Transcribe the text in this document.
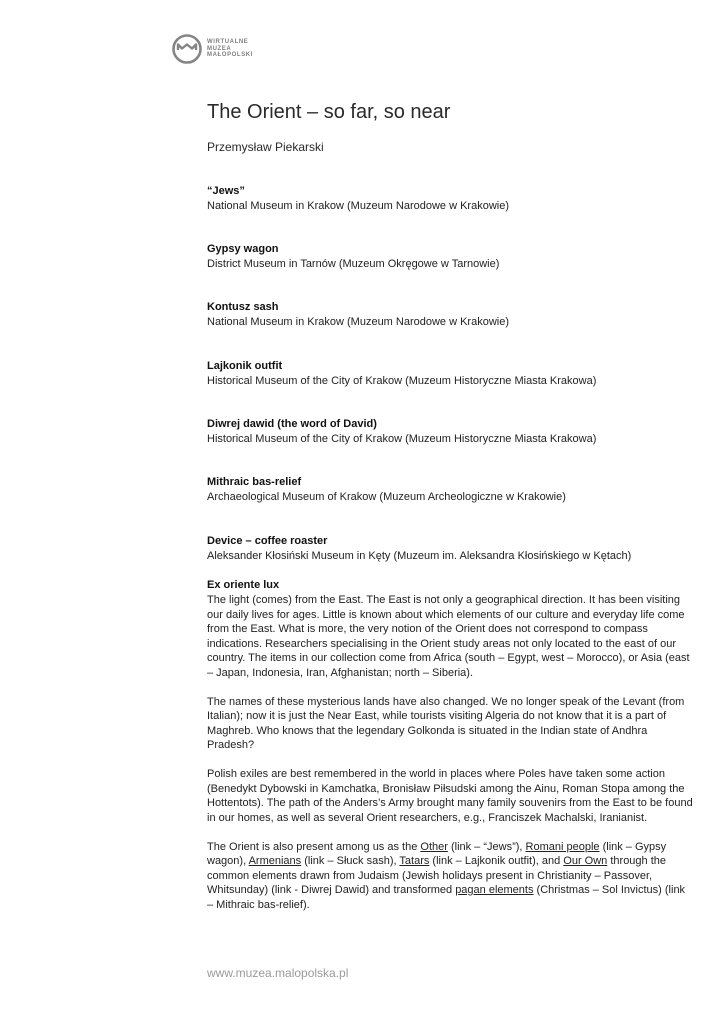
WIRTUALNE
MUZEA
MAŁOPOLSKI
The Orient – so far, so near
Przemysław Piekarski
“Jews”
National Museum in Krakow (Muzeum Narodowe w Krakowie)
Gypsy wagon
District Museum in Tarnów (Muzeum Okręgowe w Tarnowie)
Kontusz sash
National Museum in Krakow (Muzeum Narodowe w Krakowie)
Lajkonik outfit
Historical Museum of the City of Krakow (Muzeum Historyczne Miasta Krakowa)
Diwrej dawid (the word of David)
Historical Museum of the City of Krakow (Muzeum Historyczne Miasta Krakowa)
Mithraic bas-relief
Archaeological Museum of Krakow (Muzeum Archeologiczne w Krakowie)
Device – coffee roaster
Aleksander Kłosiński Museum in Kęty (Muzeum im. Aleksandra Kłosińskiego w Kętach)
Ex oriente lux

The light (comes) from the East. The East is not only a geographical direction. It has been visiting our daily lives for ages. Little is known about which elements of our culture and everyday life come from the East. What is more, the very notion of the Orient does not correspond to compass indications. Researchers specialising in the Orient study areas not only located to the east of our country. The items in our collection come from Africa (south – Egypt, west – Morocco), or Asia (east – Japan, Indonesia, Iran, Afghanistan; north – Siberia).

The names of these mysterious lands have also changed. We no longer speak of the Levant (from Italian); now it is just the Near East, while tourists visiting Algeria do not know that it is a part of Maghreb. Who knows that the legendary Golkonda is situated in the Indian state of Andhra Pradesh?

Polish exiles are best remembered in the world in places where Poles have taken some action (Benedykt Dybowski in Kamchatka, Bronisław Piłsudski among the Ainu, Roman Stopa among the Hottentots). The path of the Anders’s Army brought many family souvenirs from the East to be found in our homes, as well as several Orient researchers, e.g., Franciszek Machalski, Iranianist.

The Orient is also present among us as the Other (link – “Jews”), Romani people (link – Gypsy wagon), Armenians (link – Słuck sash), Tatars (link – Lajkonik outfit), and Our Own through the common elements drawn from Judaism (Jewish holidays present in Christianity – Passover, Whitsunday) (link - Diwrej Dawid) and transformed pagan elements (Christmas – Sol Invictus) (link – Mithraic bas-relief).

www.muzea.malopolska.pl
